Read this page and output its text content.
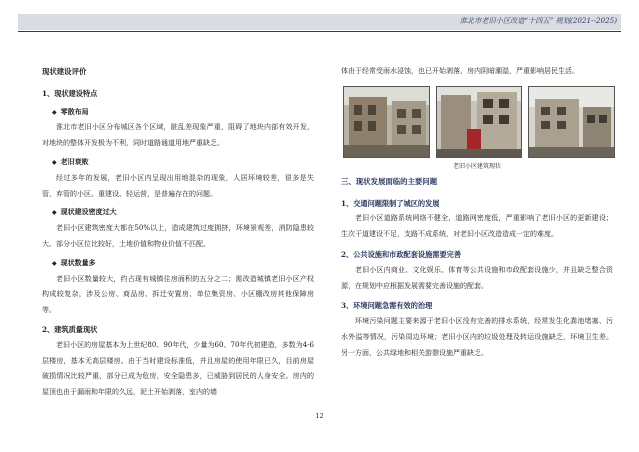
淮北市老旧小区改造“十四五” 规划(2021--2025)
现状建设评价
1、现状建设特点
◆ 零散布局

淮北市老旧小区分布城区各个区域，脏乱差现象严重，阻碍了地块内部有效开发，对地块的整体开发极为不利，同时道路通道用地严重缺乏。

◆ 老旧衰败

经过多年的发展，老旧小区内呈现出用地混杂的现象，人居环境较差，很多是失管、弃管的小区。重建设、轻运营，是普遍存在的问题。

◆ 现状建设密度过大

老旧小区建筑密度大都在50%以上，造成建筑过度拥挤，环境景观差，消防隐患较大。部分小区位比较好，土地价值和物业价值不匹配。

◆ 现状数量多

老旧小区数量较大，约占现有城镇住房面积的五分之二；需改造城镇老旧小区产权构成较复杂，涉及公房、商品房、拆迁安置房、单位集资房、小区棚改房其他保障房等。

2、建筑质量现状

老旧小区的房屋基本为上世纪80、90年代，少量为60、70年代初建造，多数为4-6层楼房，基本无高层楼房。由于当时建设标准低，并且房屋的使用年限已久，目前房屋破损情况比较严重，部分已成为危房，安全隐患多，已威胁到居民的人身安全。房内的屋顶也由于漏雨和年限的久远，泥土开始剥落，室内的墙

体由于经常受雨水浸蚀，也已开始剥落，房内阴暗潮湿，严重影响居民生活。

老旧小区建筑现状
三、现状发展面临的主要问题
1、交通问题限制了城区的发展

老旧小区道路系统网络不健全，道路网密度低，严重影响了老旧小区的更新建设；生次干道建设不足，支路不成系统，对老旧小区改造造成一定的难度。

2、公共设施和市政配套设施需要完善

老旧小区内商业、文化娱乐、体育等公共设施和市政配套设施少，并且缺乏整合资源，在规划中应根据发展需要完善设施的配套。

3、环境问题急需有效的治理

环境污染问题主要来源于老旧小区没有完善的排水系统，经常发生化粪池堵塞、污水外溢等情况，污染周边环境；老旧小区内的垃圾处理及转运设施缺乏，环境卫生差。另一方面，公共绿地和相关游憩设施严重缺乏。

12
